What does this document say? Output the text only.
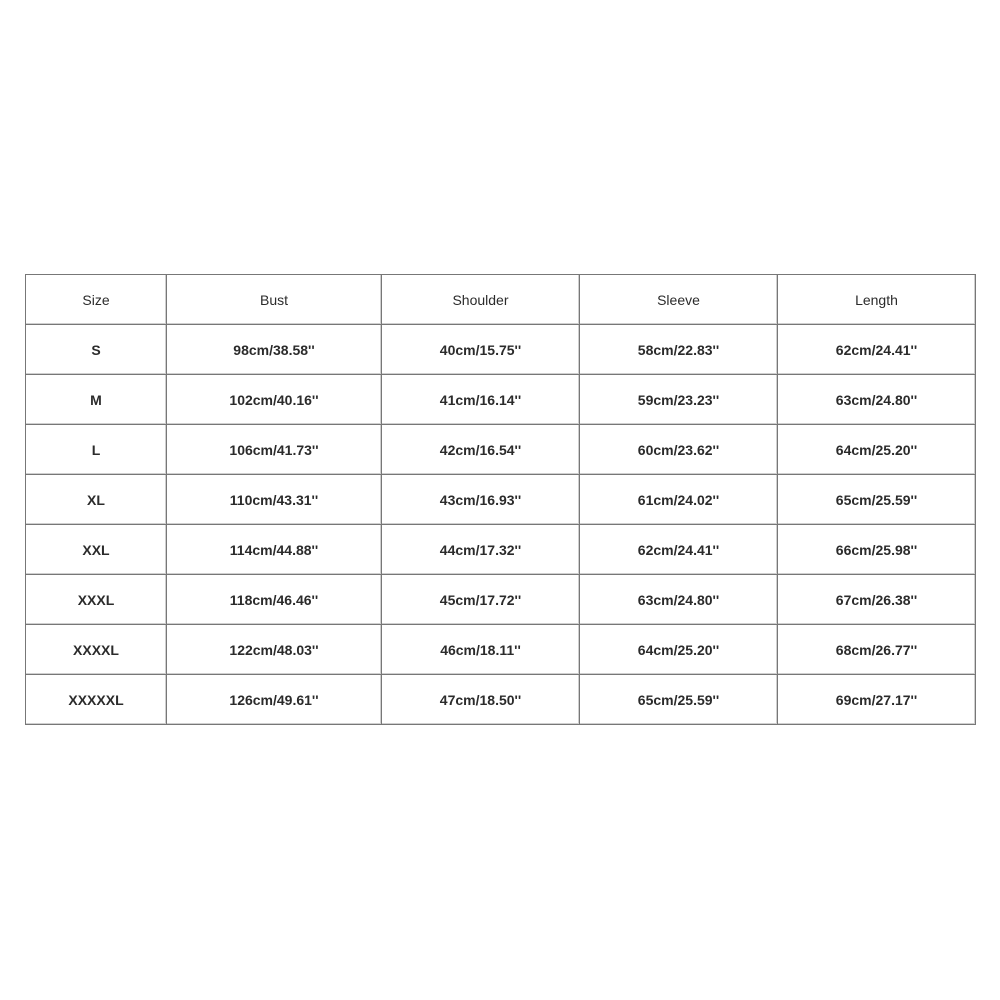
Size	Bust	Shoulder	Sleeve	Length
S	98cm/38.58''	40cm/15.75''	58cm/22.83''	62cm/24.41''
M	102cm/40.16''	41cm/16.14''	59cm/23.23''	63cm/24.80''
L	106cm/41.73''	42cm/16.54''	60cm/23.62''	64cm/25.20''
XL	110cm/43.31''	43cm/16.93''	61cm/24.02''	65cm/25.59''
XXL	114cm/44.88''	44cm/17.32''	62cm/24.41''	66cm/25.98''
XXXL	118cm/46.46''	45cm/17.72''	63cm/24.80''	67cm/26.38''
XXXXL	122cm/48.03''	46cm/18.11''	64cm/25.20''	68cm/26.77''
XXXXXL	126cm/49.61''	47cm/18.50''	65cm/25.59''	69cm/27.17''
